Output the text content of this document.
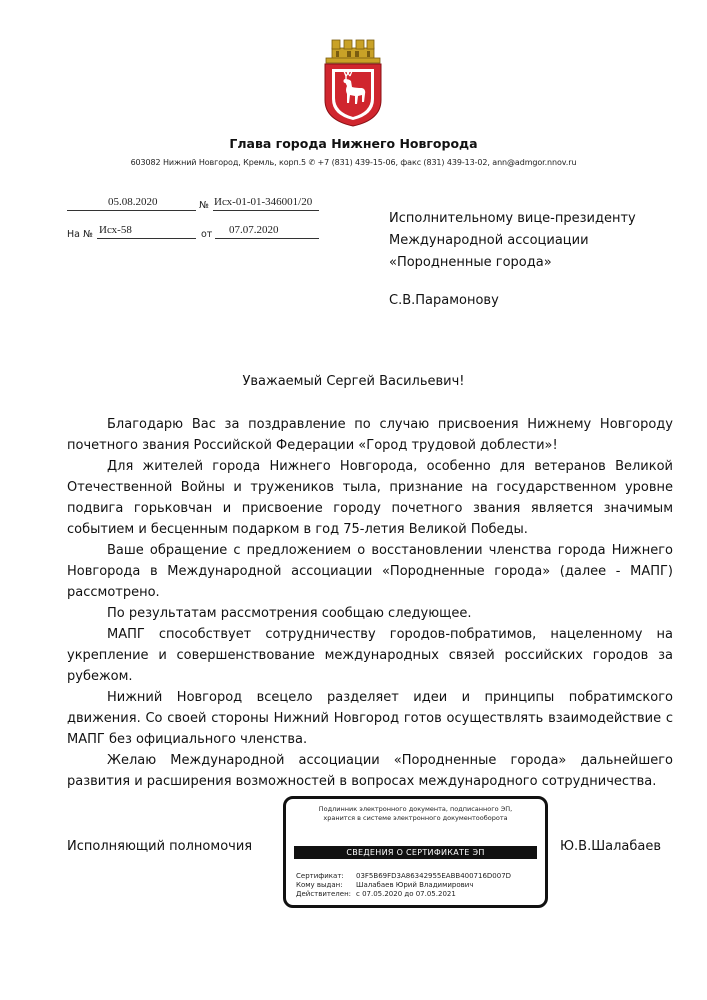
Глава города Нижнего Новгорода
603082 Нижний Новгород, Кремль, корп.5 ✆ +7 (831) 439-15-06, факс (831) 439-13-02, ann@admgor.nnov.ru
05.08.2020	№ Исх-01-01-346001/20
На № Исх-58	от 07.07.2020
Исполнительному вице-президенту
Международной ассоциации
«Породненные города»
С.В.Парамонову
Уважаемый Сергей Васильевич!

Благодарю Вас за поздравление по случаю присвоения Нижнему Новгороду почетного звания Российской Федерации «Город трудовой доблести»!

Для жителей города Нижнего Новгорода, особенно для ветеранов Великой Отечественной Войны и тружеников тыла, признание на государственном уровне подвига горьковчан и присвоение городу почетного звания является значимым событием и бесценным подарком в год 75-летия Великой Победы.

Ваше обращение с предложением о восстановлении членства города Нижнего Новгорода в Международной ассоциации «Породненные города» (далее - МАПГ) рассмотрено.

По результатам рассмотрения сообщаю следующее.

МАПГ способствует сотрудничеству городов-побратимов, нацеленному на укрепление и совершенствование международных связей российских городов за рубежом.

Нижний Новгород всецело разделяет идеи и принципы побратимского движения. Со своей стороны Нижний Новгород готов осуществлять взаимодействие с МАПГ без официального членства.

Желаю Международной ассоциации «Породненные города» дальнейшего развития и расширения возможностей в вопросах международного сотрудничества.

Исполняющий полномочия	Ю.В.Шалабаев
Подлинник электронного документа, подписанного ЭП,
хранится в системе электронного документооборота
СВЕДЕНИЯ О СЕРТИФИКАТЕ ЭП
Сертификат: 03F5B69FD3A86342955EABB400716D007D
Кому выдан: Шалабаев Юрий Владимирович
Действителен: с 07.05.2020 до 07.05.2021
